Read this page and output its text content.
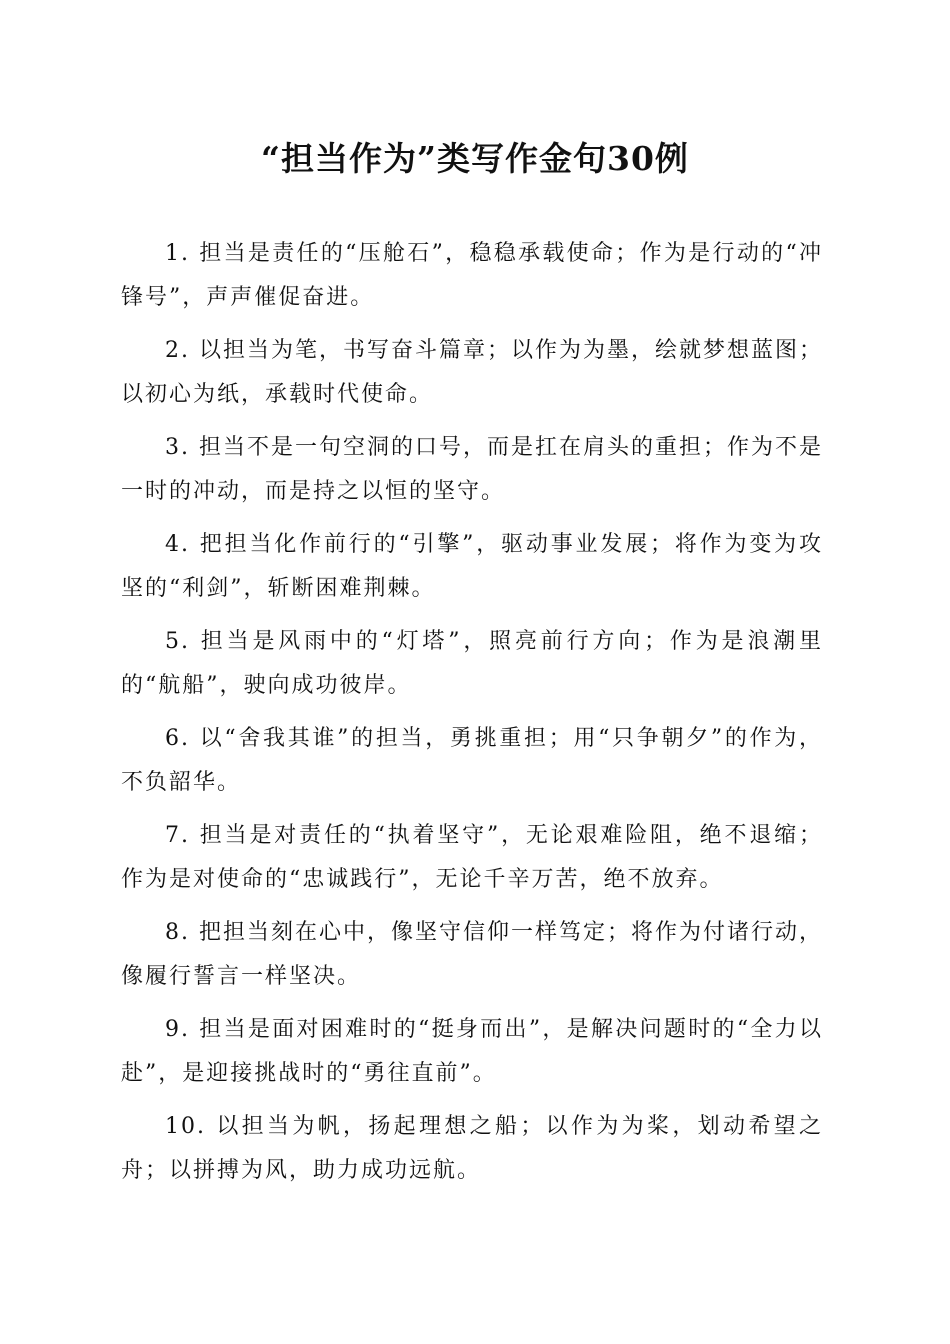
“担当作为”类写作金句30例

1. 担当是责任的“压舱石”，稳稳承载使命；作为是行动的“冲锋号”，声声催促奋进。

2. 以担当为笔，书写奋斗篇章；以作为为墨，绘就梦想蓝图；以初心为纸，承载时代使命。

3. 担当不是一句空洞的口号，而是扛在肩头的重担；作为不是一时的冲动，而是持之以恒的坚守。

4. 把担当化作前行的“引擎”，驱动事业发展；将作为变为攻坚的“利剑”，斩断困难荆棘。

5. 担当是风雨中的“灯塔”，照亮前行方向；作为是浪潮里的“航船”，驶向成功彼岸。

6. 以“舍我其谁”的担当，勇挑重担；用“只争朝夕”的作为，不负韶华。

7. 担当是对责任的“执着坚守”，无论艰难险阻，绝不退缩；作为是对使命的“忠诚践行”，无论千辛万苦，绝不放弃。

8. 把担当刻在心中，像坚守信仰一样笃定；将作为付诸行动，像履行誓言一样坚决。

9. 担当是面对困难时的“挺身而出”，是解决问题时的“全力以赴”，是迎接挑战时的“勇往直前”。

10. 以担当为帆，扬起理想之船；以作为为桨，划动希望之舟；以拼搏为风，助力成功远航。
